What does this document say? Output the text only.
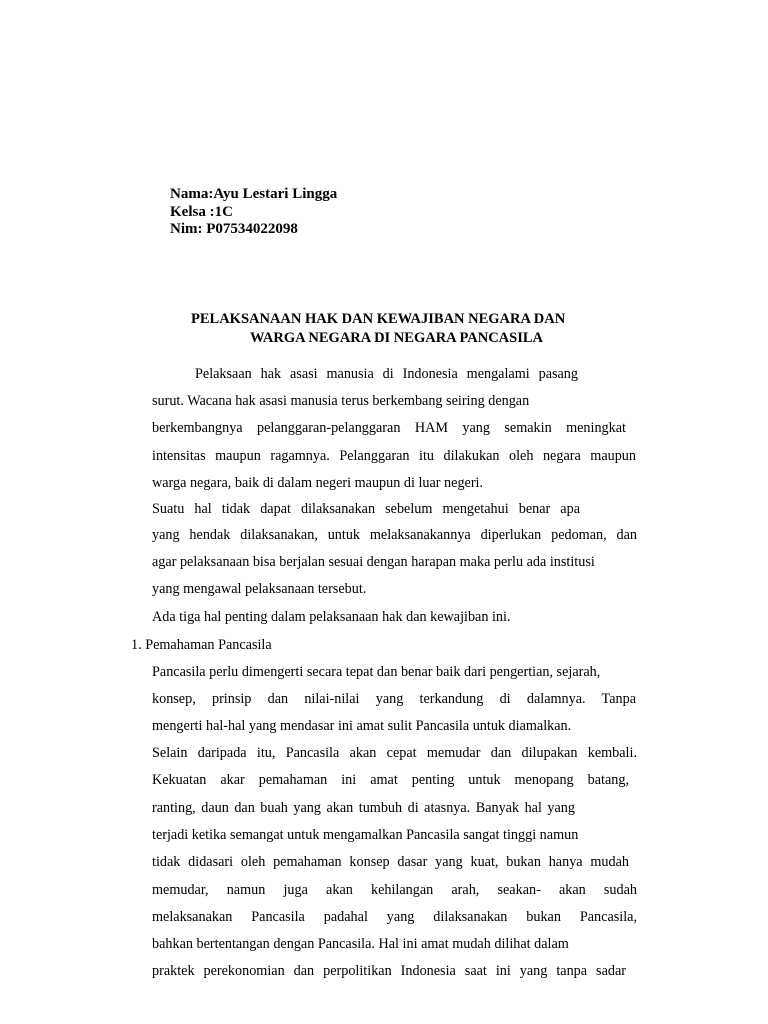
Nama:Ayu Lestari Lingga
Kelsa :1C
Nim: P07534022098
PELAKSANAAN HAK DAN KEWAJIBAN NEGARA DAN
WARGA NEGARA DI NEGARA PANCASILA
Pelaksaan hak asasi manusia di Indonesia mengalami pasang
surut. Wacana hak asasi manusia terus berkembang seiring dengan
berkembangnya pelanggaran-pelanggaran HAM yang semakin meningkat
intensitas maupun ragamnya. Pelanggaran itu dilakukan oleh negara maupun
warga negara, baik di dalam negeri maupun di luar negeri.
Suatu hal tidak dapat dilaksanakan sebelum mengetahui benar apa
yang hendak dilaksanakan, untuk melaksanakannya diperlukan pedoman, dan
agar pelaksanaan bisa berjalan sesuai dengan harapan maka perlu ada institusi
yang mengawal pelaksanaan tersebut.
Ada tiga hal penting dalam pelaksanaan hak dan kewajiban ini.
1. Pemahaman Pancasila
Pancasila perlu dimengerti secara tepat dan benar baik dari pengertian, sejarah,
konsep, prinsip dan nilai-nilai yang terkandung di dalamnya. Tanpa
mengerti hal-hal yang mendasar ini amat sulit Pancasila untuk diamalkan.
Selain daripada itu, Pancasila akan cepat memudar dan dilupakan kembali.
Kekuatan akar pemahaman ini amat penting untuk menopang batang,
ranting, daun dan buah yang akan tumbuh di atasnya. Banyak hal yang
terjadi ketika semangat untuk mengamalkan Pancasila sangat tinggi namun
tidak didasari oleh pemahaman konsep dasar yang kuat, bukan hanya mudah
memudar, namun juga akan kehilangan arah, seakan- akan sudah
melaksanakan Pancasila padahal yang dilaksanakan bukan Pancasila,
bahkan bertentangan dengan Pancasila. Hal ini amat mudah dilihat dalam
praktek perekonomian dan perpolitikan Indonesia saat ini yang tanpa sadar
